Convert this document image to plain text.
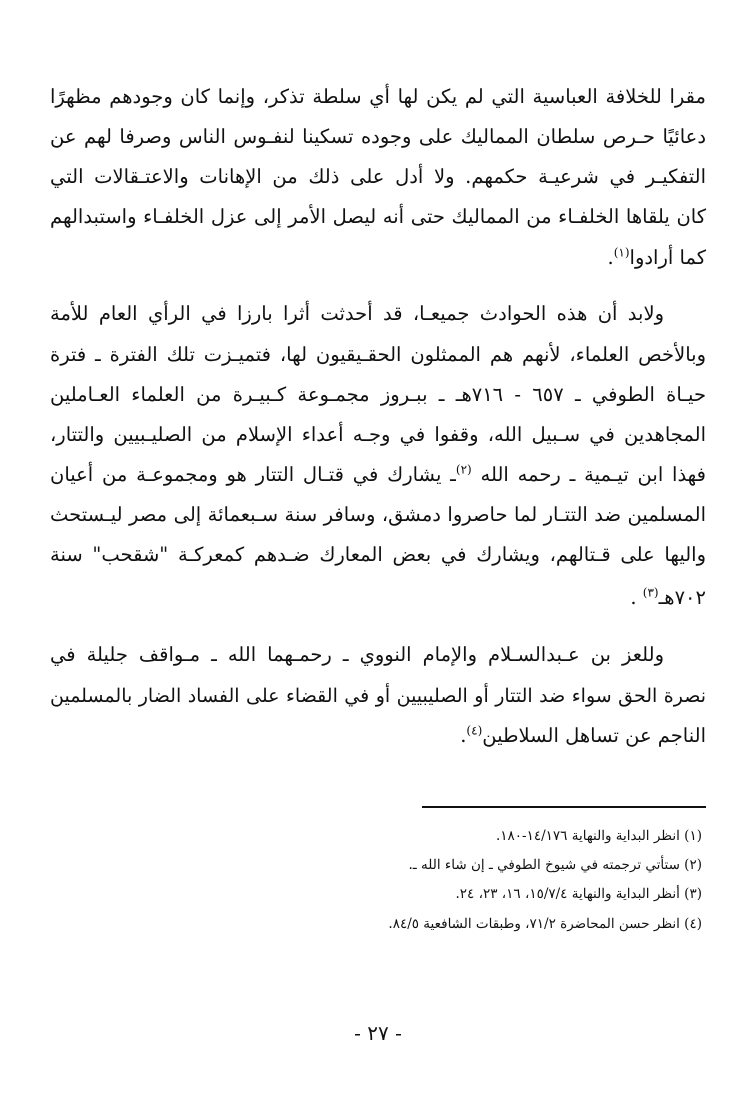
مقرا للخلافة العباسية التي لم يكن لها أي سلطة تذكر، وإنما كان وجودهم مظهرًا
دعائيًا حـرص سلطان المماليك على وجوده تسكينا لنفـوس الناس وصرفا لهم عن
التفكيـر في شرعيـة حكمهم. ولا أدل على ذلك من الإهانات والاعتـقالات التي
كان يلقاها الخلفـاء من المماليك حتى أنه ليصل الأمر إلى عزل الخلفـاء واستبدالهم
كما أرادوا$^{(١)}$.
ولابد أن هذه الحوادث جميعـا، قد أحدثت أثرا بارزا في الرأي العام للأمة
وبالأخص العلماء، لأنهم هم الممثلون الحقـيقيون لها، فتميـزت تلك الفترة ـ فترة
حيـاة الطوفي ـ ٦٥٧ - ٧١٦هـ ـ ببـروز مجمـوعة كـبيـرة من العلماء العـاملين
المجاهدين في سـبيل الله، وقفوا في وجـه أعداء الإسلام من الصليـبيين والتتار،
فهذا ابن تيـمية ـ رحمه الله $^{(٢)}$ـ يشارك في قتـال التتار هو ومجموعـة من أعيان
المسلمين ضد التتـار لما حاصروا دمشق، وسافر سنة سـبعمائة إلى مصر ليـستحث
واليها على قـتالهم، ويشارك في بعض المعارك ضـدهم كمعركـة "شقحب" سنة
٧٠٢هـ$^{(٣)}$ .
وللعز بن عـبدالسـلام والإمام النووي ـ رحمـهما الله ـ مـواقف جليلة في
نصرة الحق سواء ضد التتار أو الصليبيين أو في القضاء على الفساد الضار بالمسلمين
الناجم عن تساهل السلاطين$^{(٤)}$.
(١) انظر البداية والنهاية ١٤/١٧٦-١٨٠.
(٢) ستأتي ترجمته في شيوخ الطوفي ـ إن شاء الله ـ.
(٣) أنظر البداية والنهاية ١٥/٧/٤، ١٦، ٢٣، ٢٤.
(٤) انظر حسن المحاضرة ٧١/٢، وطبقات الشافعية ٨٤/٥.
- ٢٧ -
